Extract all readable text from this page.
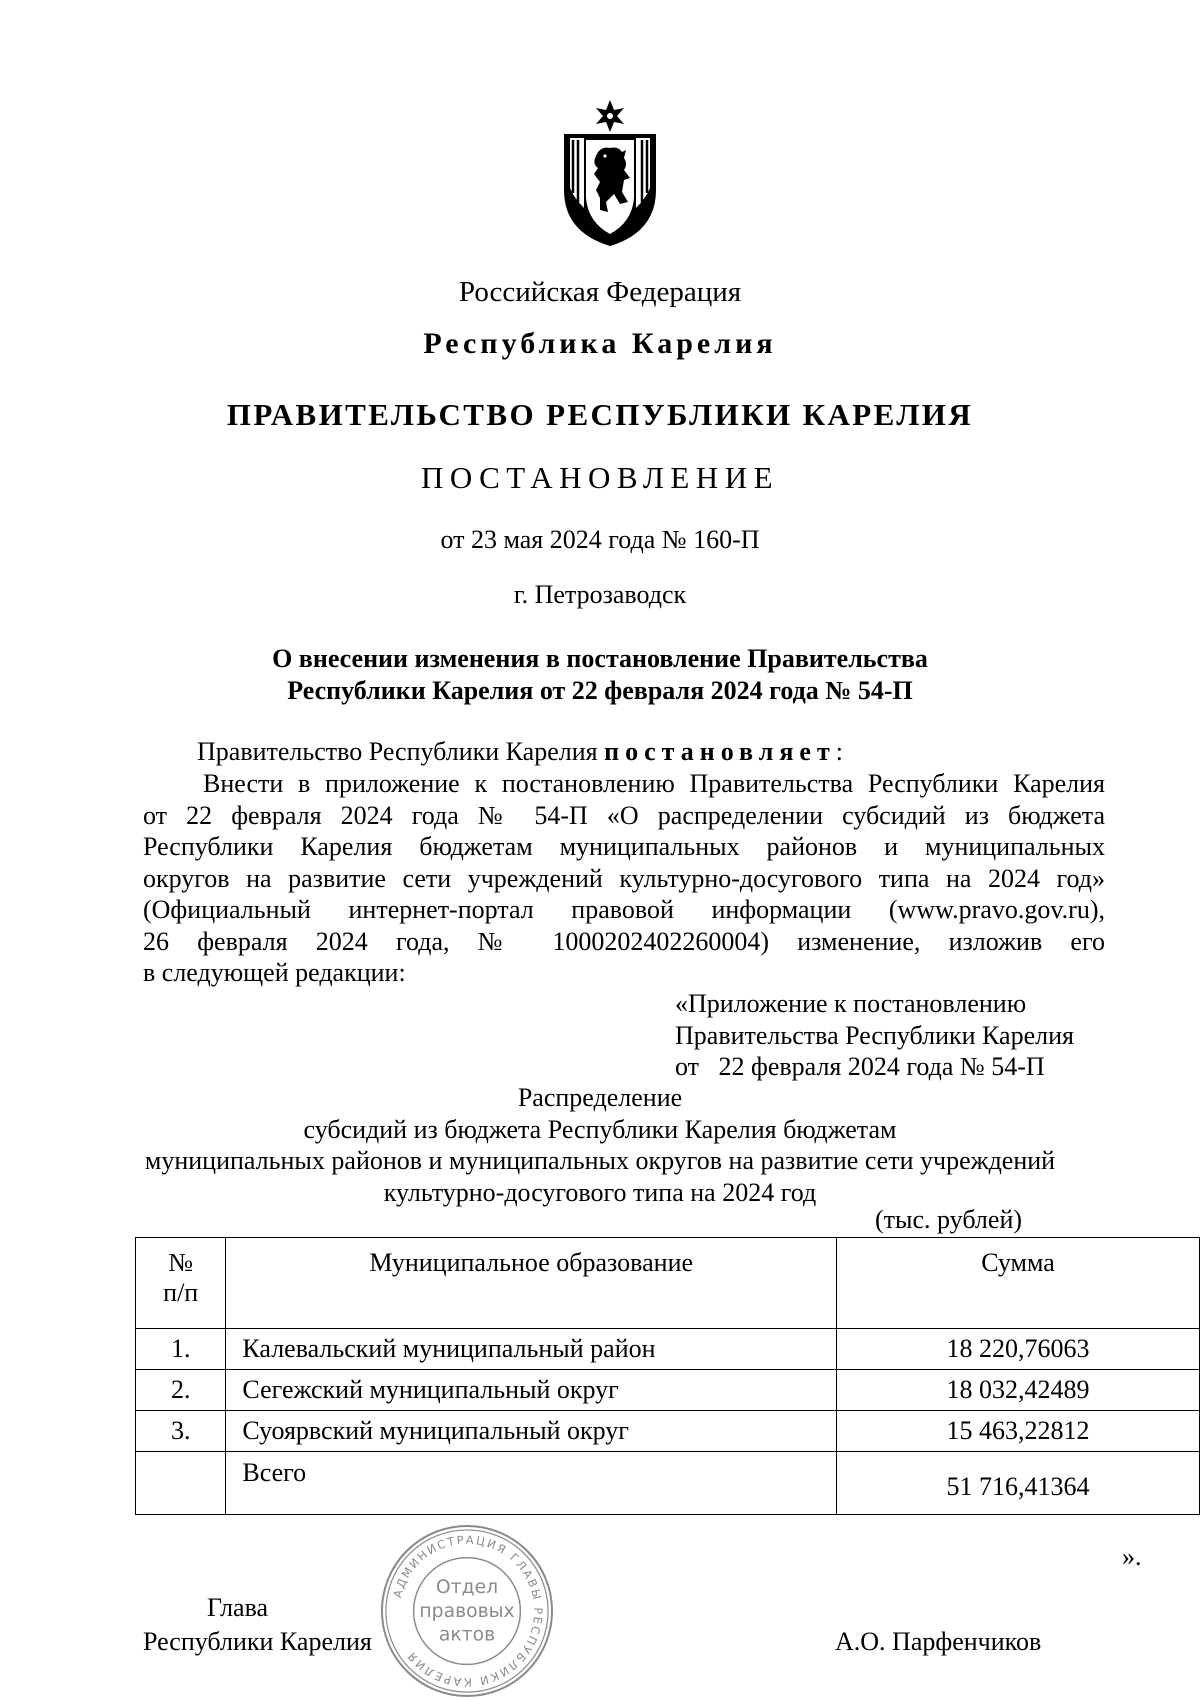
Российская Федерация
Республика Карелия
ПРАВИТЕЛЬСТВО РЕСПУБЛИКИ КАРЕЛИЯ
ПОСТАНОВЛЕНИЕ
от 23 мая 2024 года № 160-П
г. Петрозаводск
О внесении изменения в постановление Правительства
Республики Карелия от 22 февраля 2024 года № 54-П
Правительство Республики Карелия постановляет:
Внести в приложение к постановлению Правительства Республики Карелия
от 22 февраля 2024 года № 54-П «О распределении субсидий из бюджета
Республики Карелия бюджетам муниципальных районов и муниципальных
округов на развитие сети учреждений культурно-досугового типа на 2024 год»
(Официальный интернет-портал правовой информации (www.pravo.gov.ru),
26 февраля 2024 года, № 1000202402260004) изменение, изложив его
в следующей редакции:
«Приложение к постановлению
Правительства Республики Карелия
от   22 февраля 2024 года № 54-П
Распределение
субсидий из бюджета Республики Карелия бюджетам
муниципальных районов и муниципальных округов на развитие сети учреждений
культурно-досугового типа на 2024 год
(тыс. рублей)
№
п/п	Муниципальное образование	Сумма
1.	Калевальский муниципальный район	18 220,76063
2.	Сегежский муниципальный округ	18 032,42489
3.	Суоярвский муниципальный округ	15 463,22812
	Всего	51 716,41364
».
Глава
Республики Карелия	А.О. Парфенчиков
АДМИНИСТРАЦИЯ ГЛАВЫ РЕСПУБЛИКИ КАРЕЛИЯ
Отдел
правовых
актов
